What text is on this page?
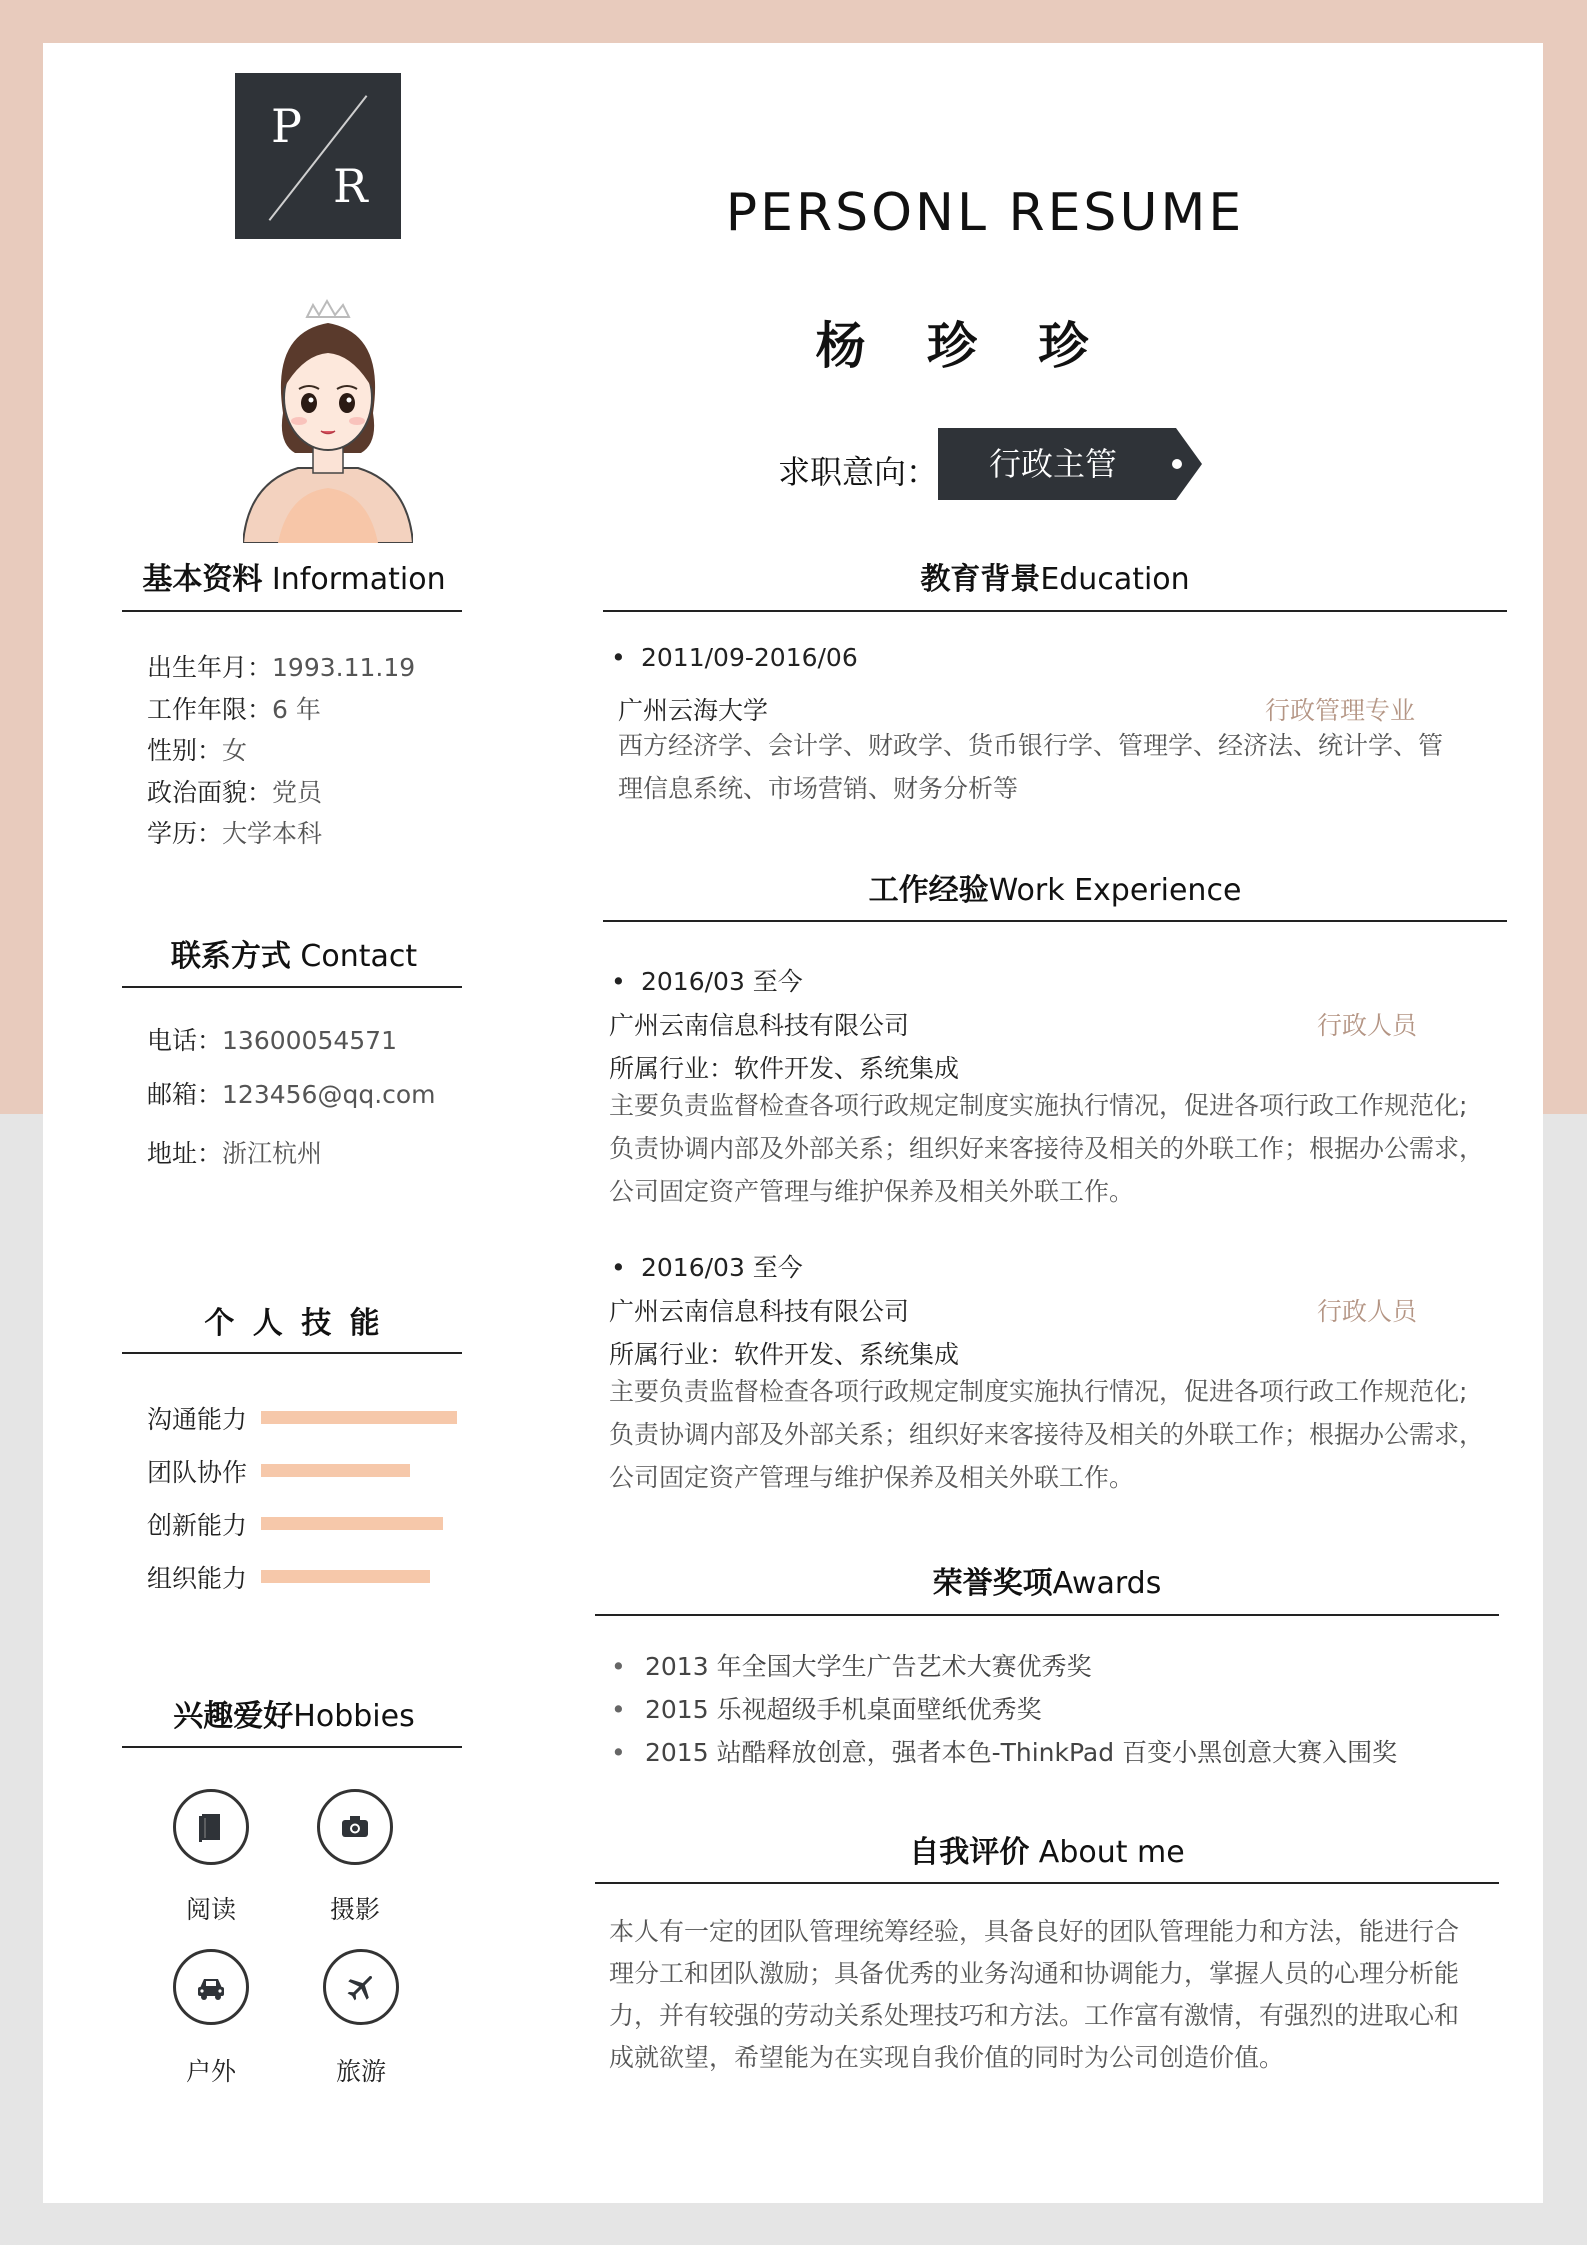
P
R	PERSONL RESUME
杨 珍 珍
求职意向：	行政主管
基本资料 Information
出生年月：1993.11.19
工作年限：6 年
性别：女
政治面貌：党员
学历：大学本科
联系方式 Contact
电话：13600054571
邮箱：123456@qq.com
地址：浙江杭州
个 人 技 能
沟通能力
团队协作
创新能力
组织能力
兴趣爱好Hobbies
阅读	摄影
户外	旅游
教育背景Education
• 2011/09-2016/06
广州云海大学	行政管理专业
西方经济学、会计学、财政学、货币银行学、管理学、经济法、统计学、管
理信息系统、市场营销、财务分析等
工作经验Work Experience
• 2016/03 至今
广州云南信息科技有限公司	行政人员
所属行业：软件开发、系统集成
主要负责监督检查各项行政规定制度实施执行情况，促进各项行政工作规范化;
负责协调内部及外部关系；组织好来客接待及相关的外联工作；根据办公需求，
公司固定资产管理与维护保养及相关外联工作。
• 2016/03 至今
广州云南信息科技有限公司	行政人员
所属行业：软件开发、系统集成
主要负责监督检查各项行政规定制度实施执行情况，促进各项行政工作规范化;
负责协调内部及外部关系；组织好来客接待及相关的外联工作；根据办公需求，
公司固定资产管理与维护保养及相关外联工作。
荣誉奖项Awards
• 2013 年全国大学生广告艺术大赛优秀奖
• 2015 乐视超级手机桌面壁纸优秀奖
• 2015 站酷释放创意，强者本色-ThinkPad 百变小黑创意大赛入围奖
自我评价 About me
本人有一定的团队管理统筹经验，具备良好的团队管理能力和方法，能进行合
理分工和团队激励；具备优秀的业务沟通和协调能力，掌握人员的心理分析能
力，并有较强的劳动关系处理技巧和方法。工作富有激情，有强烈的进取心和
成就欲望，希望能为在实现自我价值的同时为公司创造价值。
